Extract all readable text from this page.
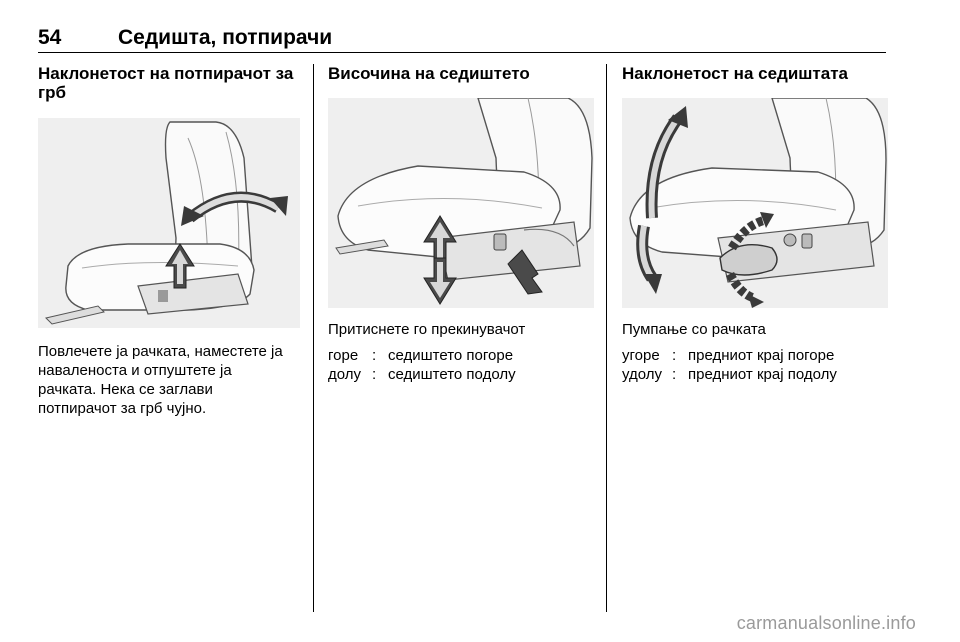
54	Седишта, потпирачи
Наклонетост на потпирачот за
грб

Повлечете ја рачката, наместете ја
наваленоста и отпуштете ја
рачката. Нека се заглави
потпирачот за грб чујно.

Височина на седиштето

Притиснете го прекинувачот

горе : седиштето погоре
долу : седиштето подолу
Наклонетост на седиштата

Пумпање со рачката

угоре : предниот крај погоре
удолу : предниот крај подолу
carmanualsonline.info
